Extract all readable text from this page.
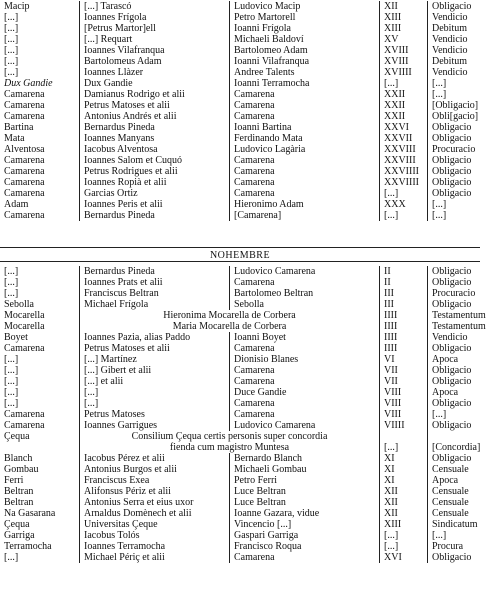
Macip	[...] Tarascó	Ludovico Macip	XII	Obligacio
[...]	Ioannes Frígola	Petro Martorell	XIII	Vendicio
[...]	[Petrus Martor]ell	Ioanni Frígola	XIII	Debitum
[...]	[...] Requart	Michaeli Baldoví	XV	Vendicio
[...]	Ioannes Vilafranqua	Bartolomeo Adam	XVIII	Vendicio
[...]	Bartolomeus Adam	Ioanni Vilafranqua	XVIII	Debitum
[...]	Ioannes Llàzer	Andree Talents	XVIIII	Vendicio
Dux Gandie	Dux Gandie	Ioanni Terramocha	[...]	[...]
Camarena	Damianus Rodrigo et alii	Camarena	XXII	[...]
Camarena	Petrus Matoses et alii	Camarena	XXII	[Obligacio]
Camarena	Antonius Andrés et alii	Camarena	XXII	Obli[gacio]
Bartina	Bernardus Pineda	Ioanni Bartina	XXVI	Obligacio
Mata	Ioannes Manyans	Ferdinando Mata	XXVII	Obligacio
Alventosa	Iacobus Alventosa	Ludovico Lagària	XXVIII	Procuracio
Camarena	Ioannes Salom et Cuquó	Camarena	XXVIII	Obligacio
Camarena	Petrus Rodrigues et alii	Camarena	XXVIIII	Obligacio
Camarena	Ioannes Ropià et alii	Camarena	XXVIIII	Obligacio
Camarena	Garcias Ortiz	Camarena	[...]	Obligacio
Adam	Ioannes Peris et alii	Hieronimo Adam	XXX	[...]
Camarena	Bernardus Pineda	[Camarena]	[...]	[...]
NOHEMBRE
[...]	Bernardus Pineda	Ludovico Camarena	II	Obligacio
[...]	Ioannes Prats et alii	Camarena	II	Obligacio
[...]	Franciscus Beltran	Bartolomeo Beltran	III	Procuracio
Sebolla	Michael Frígola	Sebolla	III	Obligacio
Mocarella	Hieronima Mocarella de Corbera	IIII	Testamentum
Mocarella	Maria Mocarella de Corbera	IIII	Testamentum
Boyet	Ioannes Pazia, alias Paddo	Ioanni Boyet	IIII	Vendicio
Camarena	Petrus Matoses et alii	Camarena	IIII	Obligacio
[...]	[...] Martínez	Dionisio Blanes	VI	Apoca
[...]	[...] Gibert et alii	Camarena	VII	Obligacio
[...]	[...] et alii	Camarena	VII	Obligacio
[...]	[...]	Duce Gandie	VIII	Apoca
[...]	[...]	Camarena	VIII	Obligacio
Camarena	Petrus Matoses	Camarena	VIII	[...]
Camarena	Ioannes Garrigues	Ludovico Camarena	VIIII	Obligacio
Çequa	Consilium Çequa certis personis super concordia
fienda cum magistro Muntesa	[...]	[Concordia]
Blanch	Iacobus Pérez et alii	Bernardo Blanch	XI	Obligacio
Gombau	Antonius Burgos et alii	Michaeli Gombau	XI	Censuale
Ferri	Franciscus Exea	Petro Ferri	XI	Apoca
Beltran	Alifonsus Périz et alii	Luce Beltran	XII	Censuale
Beltran	Antonius Serra et eius uxor	Luce Beltran	XII	Censuale
Na Gasarana	Arnaldus Domènech et alii	Ioanne Gazara, vidue	XII	Censuale
Çequa	Universitas Çeque	Vincencio [...]	XIII	Sindicatum
Garriga	Iacobus Tolós	Gaspari Garriga	[...]	[...]
Terramocha	Ioannes Terramocha	Francisco Roqua	[...]	Procura
[...]	Michael Périç et alii	Camarena	XVI	Obligacio
